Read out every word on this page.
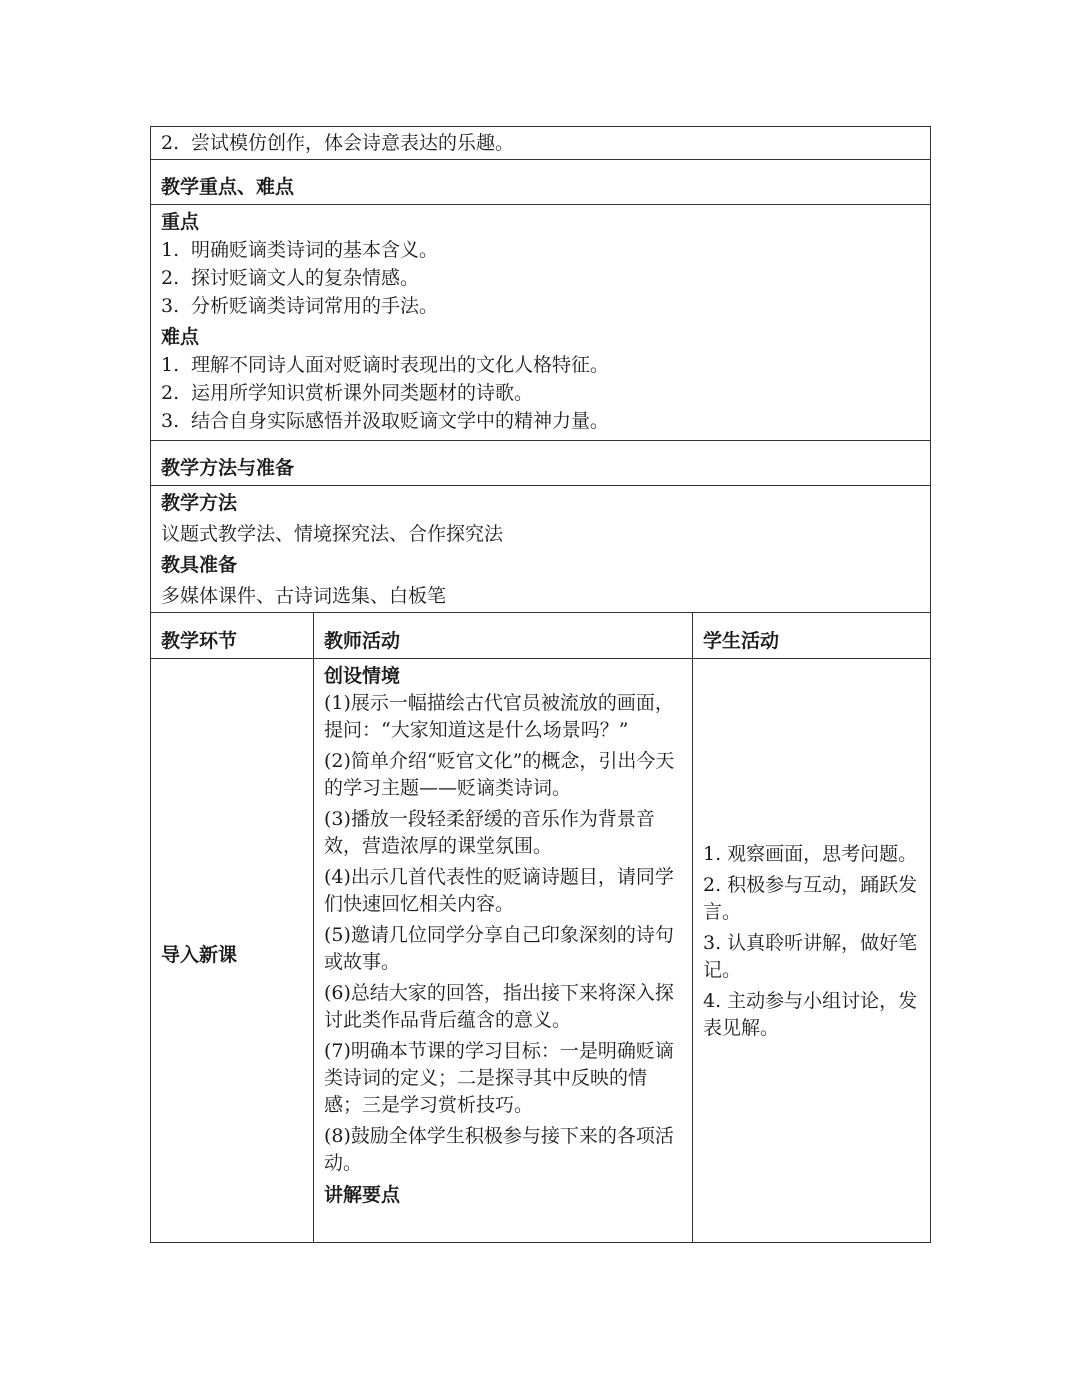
2. 尝试模仿创作，体会诗意表达的乐趣。
教学重点、难点
重点
1. 明确贬谪类诗词的基本含义。
2. 探讨贬谪文人的复杂情感。
3. 分析贬谪类诗词常用的手法。
难点
1. 理解不同诗人面对贬谪时表现出的文化人格特征。
2. 运用所学知识赏析课外同类题材的诗歌。
3. 结合自身实际感悟并汲取贬谪文学中的精神力量。
教学方法与准备
教学方法
议题式教学法、情境探究法、合作探究法
教具准备
多媒体课件、古诗词选集、白板笔
教学环节	教师活动	学生活动
导入新课
创设情境
(1)展示一幅描绘古代官员被流放的画面，提问：“大家知道这是什么场景吗？”
(2)简单介绍“贬官文化”的概念，引出今天的学习主题——贬谪类诗词。
(3)播放一段轻柔舒缓的音乐作为背景音效，营造浓厚的课堂氛围。
(4)出示几首代表性的贬谪诗题目，请同学们快速回忆相关内容。
(5)邀请几位同学分享自己印象深刻的诗句或故事。
(6)总结大家的回答，指出接下来将深入探讨此类作品背后蕴含的意义。
(7)明确本节课的学习目标：一是明确贬谪类诗词的定义；二是探寻其中反映的情感；三是学习赏析技巧。
(8)鼓励全体学生积极参与接下来的各项活动。
讲解要点
1. 观察画面，思考问题。
2. 积极参与互动，踊跃发言。
3. 认真聆听讲解，做好笔记。
4. 主动参与小组讨论，发表见解。
